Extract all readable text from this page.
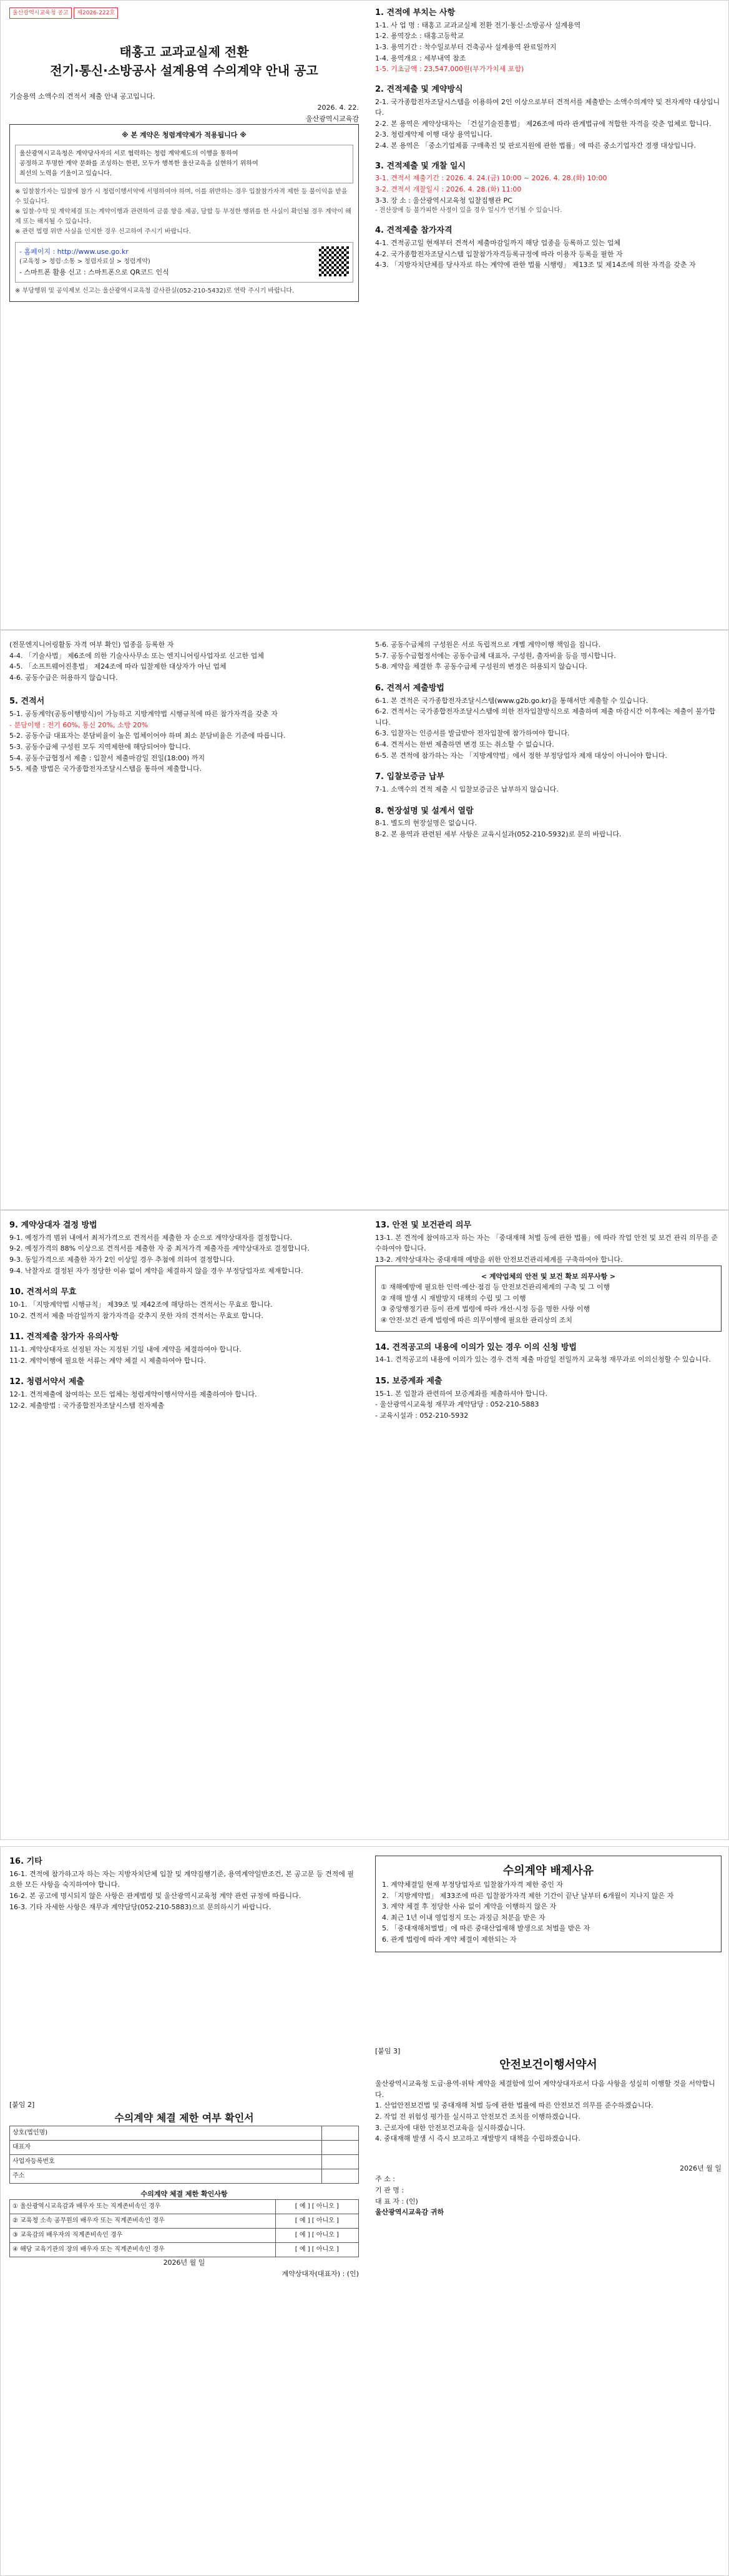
울산광역시교육청 공고 제2026-222호
태홍고 교과교실제 전환
전기·통신·소방공사 설계용역 수의계약 안내 공고

기술용역 소액수의 견적서 제출 안내 공고입니다.

2026. 4. 22.

울산광역시교육감

※ 본 계약은 청렴계약제가 적용됩니다 ※
울산광역시교육청은 계약당사자의 서로 협력하는 청렴 계약제도의 이행을 통하여
공정하고 투명한 계약 문화를 조성하는 한편, 모두가 행복한 울산교육을 실현하기 위하여
최선의 노력을 기울이고 있습니다.
※ 입찰참가자는 입찰에 참가 시 청렴이행서약에 서명하여야 하며, 이를 위반하는 경우 입찰참가자격 제한 등 불이익을 받을 수 있습니다.
※ 입찰·수탁 및 계약체결 또는 계약이행과 관련하여 금품 향응 제공, 담합 등 부정한 행위를 한 사실이 확인될 경우 계약이 해제 또는 해지될 수 있습니다.
※ 관련 법령 위반 사실을 인지한 경우 신고하여 주시기 바랍니다.
- 홈페이지 : http://www.use.go.kr
(교육청 > 청렴·소통 > 청렴자료실 > 청렴계약)
- 스마트폰 활용 신고 : 스마트폰으로 QR코드 인식
※ 부당행위 및 공익제보 신고는 울산광역시교육청 감사관실(052-210-5432)로 연락 주시기 바랍니다.
1. 견적에 부치는 사항
1-1. 사 업 명 : 태홍고 교과교실제 전환 전기·통신·소방공사 설계용역
1-2. 용역장소 : 태홍고등학교
1-3. 용역기간 : 착수일로부터 건축공사 설계용역 완료일까지
1-4. 용역개요 : 세부내역 참조
1-5. 기초금액 : 23,547,000원(부가가치세 포함)
2. 견적제출 및 계약방식
2-1. 국가종합전자조달시스템을 이용하여 2인 이상으로부터 견적서를 제출받는 소액수의계약 및 전자계약 대상입니다.
2-2. 본 용역은 계약상대자는 「건설기술진흥법」 제26조에 따라 관계법규에 적합한 자격을 갖춘 업체로 합니다.
2-3. 청렴계약제 이행 대상 용역입니다.
2-4. 본 용역은 「중소기업제품 구매촉진 및 판로지원에 관한 법률」에 따른 중소기업자간 경쟁 대상입니다.
3. 견적제출 및 개찰 일시
3-1. 견적서 제출기간 : 2026. 4. 24.(금) 10:00 ~ 2026. 4. 28.(화) 10:00
3-2. 견적서 개찰일시 : 2026. 4. 28.(화) 11:00
3-3. 장 소 : 울산광역시교육청 입찰집행관 PC
- 전산장애 등 불가피한 사정이 있을 경우 일시가 연기될 수 있습니다.
4. 견적제출 참가자격
4-1. 견적공고일 현재부터 견적서 제출마감일까지 해당 업종을 등록하고 있는 업체
4-2. 국가종합전자조달시스템 입찰참가자격등록규정에 따라 이용자 등록을 필한 자
4-3. 「지방자치단체를 당사자로 하는 계약에 관한 법률 시행령」 제13조 및 제14조에 의한 자격을 갖춘 자
(전문엔지니어링활동 자격 여부 확인) 업종을 등록한 자
4-4. 「기술사법」 제6조에 의한 기술사사무소 또는 엔지니어링사업자로 신고한 업체
4-5. 「소프트웨어진흥법」 제24조에 따라 입찰제한 대상자가 아닌 업체
4-6. 공동수급은 허용하지 않습니다.
5. 견적서
5-1. 공동계약(공동이행방식)이 가능하고 지방계약법 시행규칙에 따른 참가자격을 갖춘 자
- 분담이행 : 전기 60%, 통신 20%, 소방 20%
5-2. 공동수급 대표자는 분담비율이 높은 업체이어야 하며 최소 분담비율은 기준에 따릅니다.
5-3. 공동수급체 구성원 모두 지역제한에 해당되어야 합니다.
5-4. 공동수급협정서 제출 : 입찰서 제출마감일 전일(18:00) 까지
5-5. 제출 방법은 국가종합전자조달시스템을 통하여 제출합니다.
5-6. 공동수급체의 구성원은 서로 독립적으로 개별 계약이행 책임을 집니다.
5-7. 공동수급협정서에는 공동수급체 대표자, 구성원, 출자비율 등을 명시합니다.
5-8. 계약을 체결한 후 공동수급체 구성원의 변경은 허용되지 않습니다.
6. 견적서 제출방법
6-1. 본 견적은 국가종합전자조달시스템(www.g2b.go.kr)을 통해서만 제출할 수 있습니다.
6-2. 견적서는 국가종합전자조달시스템에 의한 전자입찰방식으로 제출하며 제출 마감시간 이후에는 제출이 불가합니다.
6-3. 입찰자는 인증서를 발급받아 전자입찰에 참가하여야 합니다.
6-4. 견적서는 한번 제출하면 변경 또는 취소할 수 없습니다.
6-5. 본 견적에 참가하는 자는 「지방계약법」에서 정한 부정당업자 제재 대상이 아니어야 합니다.
7. 입찰보증금 납부
7-1. 소액수의 견적 제출 시 입찰보증금은 납부하지 않습니다.
8. 현장설명 및 설계서 열람
8-1. 별도의 현장설명은 없습니다.
8-2. 본 용역과 관련된 세부 사항은 교육시설과(052-210-5932)로 문의 바랍니다.
9. 계약상대자 결정 방법
9-1. 예정가격 범위 내에서 최저가격으로 견적서를 제출한 자 순으로 계약상대자를 결정합니다.
9-2. 예정가격의 88% 이상으로 견적서를 제출한 자 중 최저가격 제출자를 계약상대자로 결정합니다.
9-3. 동일가격으로 제출한 자가 2인 이상일 경우 추첨에 의하여 결정합니다.
9-4. 낙찰자로 결정된 자가 정당한 이유 없이 계약을 체결하지 않을 경우 부정당업자로 제재합니다.
10. 견적서의 무효
10-1. 「지방계약법 시행규칙」 제39조 및 제42조에 해당하는 견적서는 무효로 합니다.
10-2. 견적서 제출 마감일까지 참가자격을 갖추지 못한 자의 견적서는 무효로 합니다.
11. 견적제출 참가자 유의사항
11-1. 계약상대자로 선정된 자는 지정된 기일 내에 계약을 체결하여야 합니다.
11-2. 계약이행에 필요한 서류는 계약 체결 시 제출하여야 합니다.
12. 청렴서약서 제출
12-1. 견적제출에 참여하는 모든 업체는 청렴계약이행서약서를 제출하여야 합니다.
12-2. 제출방법 : 국가종합전자조달시스템 전자제출
13. 안전 및 보건관리 의무
13-1. 본 견적에 참여하고자 하는 자는 「중대재해 처벌 등에 관한 법률」에 따라 작업 안전 및 보건 관리 의무를 준수하여야 합니다.
13-2. 계약상대자는 중대재해 예방을 위한 안전보건관리체계를 구축하여야 합니다.
< 계약업체의 안전 및 보건 확보 의무사항 >
① 재해예방에 필요한 인력·예산·점검 등 안전보건관리체계의 구축 및 그 이행
② 재해 발생 시 재발방지 대책의 수립 및 그 이행
③ 중앙행정기관 등이 관계 법령에 따라 개선·시정 등을 명한 사항 이행
④ 안전·보건 관계 법령에 따른 의무이행에 필요한 관리상의 조치
14. 견적공고의 내용에 이의가 있는 경우 이의 신청 방법
14-1. 견적공고의 내용에 이의가 있는 경우 견적 제출 마감일 전일까지 교육청 재무과로 이의신청할 수 있습니다.
15. 보증계좌 제출
15-1. 본 입찰과 관련하여 보증계좌를 제출하셔야 합니다.
- 울산광역시교육청 재무과 계약담당 : 052-210-5883
- 교육시설과 : 052-210-5932
16. 기타
16-1. 견적에 참가하고자 하는 자는 지방자치단체 입찰 및 계약집행기준, 용역계약일반조건, 본 공고문 등 견적에 필요한 모든 사항을 숙지하여야 합니다.
16-2. 본 공고에 명시되지 않은 사항은 관계법령 및 울산광역시교육청 계약 관련 규정에 따릅니다.
16-3. 기타 자세한 사항은 재무과 계약담당(052-210-5883)으로 문의하시기 바랍니다.
[붙임 2]
수의계약 체결 제한 여부 확인서
상호(법인명)	
대표자	
사업자등록번호	
주소	
수의계약 체결 제한 확인사항
① 울산광역시교육감과 배우자 또는 직계존비속인 경우	[ 예 ] [ 아니오 ]
② 교육청 소속 공무원의 배우자 또는 직계존비속인 경우	[ 예 ] [ 아니오 ]
③ 교육감의 배우자의 직계존비속인 경우	[ 예 ] [ 아니오 ]
④ 해당 교육기관의 장의 배우자 또는 직계존비속인 경우	[ 예 ] [ 아니오 ]
2026년 월 일
계약상대자(대표자) : (인)
수의계약 배제사유
1. 계약체결일 현재 부정당업자로 입찰참가자격 제한 중인 자
2. 「지방계약법」 제33조에 따른 입찰참가자격 제한 기간이 끝난 날부터 6개월이 지나지 않은 자
3. 계약 체결 후 정당한 사유 없이 계약을 이행하지 않은 자
4. 최근 1년 이내 영업정지 또는 과징금 처분을 받은 자
5. 「중대재해처벌법」에 따른 중대산업재해 발생으로 처벌을 받은 자
6. 관계 법령에 따라 계약 체결이 제한되는 자
[붙임 3]
안전보건이행서약서
울산광역시교육청 도급·용역·위탁 계약을 체결함에 있어 계약상대자로서 다음 사항을 성실히 이행할 것을 서약합니다.
1. 산업안전보건법 및 중대재해 처벌 등에 관한 법률에 따른 안전보건 의무를 준수하겠습니다.
2. 작업 전 위험성 평가를 실시하고 안전보건 조치를 이행하겠습니다.
3. 근로자에 대한 안전보건교육을 실시하겠습니다.
4. 중대재해 발생 시 즉시 보고하고 재발방지 대책을 수립하겠습니다.
2026년 월 일
주 소 :
기 관 명 :
대 표 자 : (인)
울산광역시교육감 귀하
